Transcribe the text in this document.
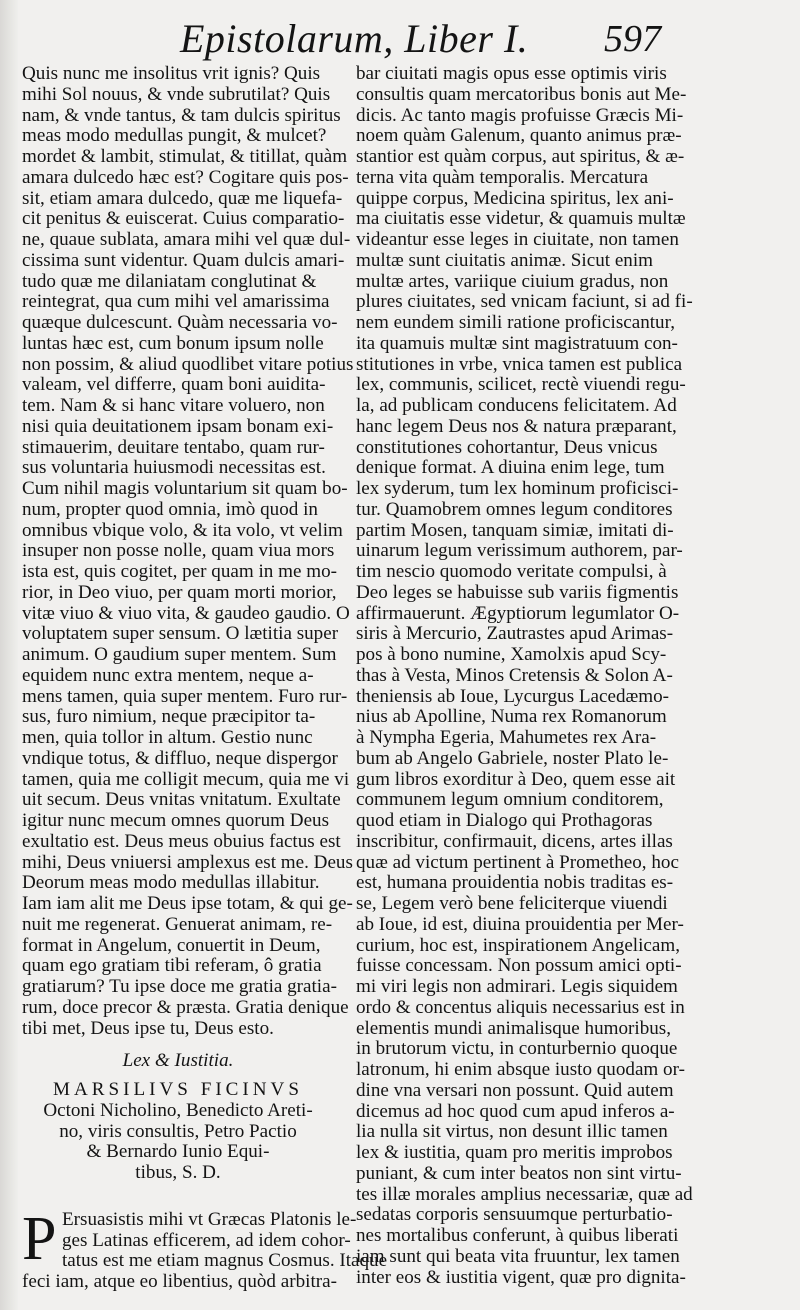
Epistolarum, Liber I. 597
Quis nunc me insolitus vrit ignis? Quis
mihi Sol nouus, & vnde subrutilat? Quis
nam, & vnde tantus, & tam dulcis spiritus
meas modo medullas pungit, & mulcet?
mordet & lambit, stimulat, & titillat, quàm
amara dulcedo hæc est? Cogitare quis pos-
sit, etiam amara dulcedo, quæ me liquefa-
cit penitus & euiscerat. Cuius comparatio-
ne, quaue sublata, amara mihi vel quæ dul-
cissima sunt videntur. Quam dulcis amari-
tudo quæ me dilaniatam conglutinat &
reintegrat, qua cum mihi vel amarissima
quæque dulcescunt. Quàm necessaria vo-
luntas hæc est, cum bonum ipsum nolle
non possim, & aliud quodlibet vitare potius
valeam, vel differre, quam boni auidita-
tem. Nam & si hanc vitare voluero, non
nisi quia deuitationem ipsam bonam exi-
stimauerim, deuitare tentabo, quam rur-
sus voluntaria huiusmodi necessitas est.
Cum nihil magis voluntarium sit quam bo-
num, propter quod omnia, imò quod in
omnibus vbique volo, & ita volo, vt velim
insuper non posse nolle, quam viua mors
ista est, quis cogitet, per quam in me mo-
rior, in Deo viuo, per quam morti morior,
vitæ viuo & viuo vita, & gaudeo gaudio. O
voluptatem super sensum. O lætitia super
animum. O gaudium super mentem. Sum
equidem nunc extra mentem, neque a-
mens tamen, quia super mentem. Furo rur-
sus, furo nimium, neque præcipitor ta-
men, quia tollor in altum. Gestio nunc
vndique totus, & diffluo, neque dispergor
tamen, quia me colligit mecum, quia me vi
uit secum. Deus vnitas vnitatum. Exultate
igitur nunc mecum omnes quorum Deus
exultatio est. Deus meus obuius factus est
mihi, Deus vniuersi amplexus est me. Deus
Deorum meas modo medullas illabitur.
Iam iam alit me Deus ipse totam, & qui ge-
nuit me regenerat. Genuerat animam, re-
format in Angelum, conuertit in Deum,
quam ego gratiam tibi referam, ô gratia
gratiarum? Tu ipse doce me gratia gratia-
rum, doce precor & præsta. Gratia denique
tibi met, Deus ipse tu, Deus esto.
Lex & Iustitia.
MARSILIVS FICINVS
Octoni Nicholino, Benedicto Areti-
no, viris consultis, Petro Pactio
& Bernardo Iunio Equi-
tibus, S. D.
P Ersuasistis mihi vt Græcas Platonis le-
ges Latinas efficerem, ad idem cohor-
tatus est me etiam magnus Cosmus. Itaque
feci iam, atque eo libentius, quòd arbitra-
bar ciuitati magis opus esse optimis viris
consultis quam mercatoribus bonis aut Me-
dicis. Ac tanto magis profuisse Græcis Mi-
noem quàm Galenum, quanto animus præ-
stantior est quàm corpus, aut spiritus, & æ-
terna vita quàm temporalis. Mercatura
quippe corpus, Medicina spiritus, lex ani-
ma ciuitatis esse videtur, & quamuis multæ
videantur esse leges in ciuitate, non tamen
multæ sunt ciuitatis animæ. Sicut enim
multæ artes, variique ciuium gradus, non
plures ciuitates, sed vnicam faciunt, si ad fi-
nem eundem simili ratione proficiscantur,
ita quamuis multæ sint magistratuum con-
stitutiones in vrbe, vnica tamen est publica
lex, communis, scilicet, rectè viuendi regu-
la, ad publicam conducens felicitatem. Ad
hanc legem Deus nos & natura præparant,
constitutiones cohortantur, Deus vnicus
denique format. A diuina enim lege, tum
lex syderum, tum lex hominum proficisci-
tur. Quamobrem omnes legum conditores
partim Mosen, tanquam simiæ, imitati di-
uinarum legum verissimum authorem, par-
tim nescio quomodo veritate compulsi, à
Deo leges se habuisse sub variis figmentis
affirmauerunt. Ægyptiorum legumlator O-
siris à Mercurio, Zautrastes apud Arimas-
pos à bono numine, Xamolxis apud Scy-
thas à Vesta, Minos Cretensis & Solon A-
theniensis ab Ioue, Lycurgus Lacedæmo-
nius ab Apolline, Numa rex Romanorum
à Nympha Egeria, Mahumetes rex Ara-
bum ab Angelo Gabriele, noster Plato le-
gum libros exorditur à Deo, quem esse ait
communem legum omnium conditorem,
quod etiam in Dialogo qui Prothagoras
inscribitur, confirmauit, dicens, artes illas
quæ ad victum pertinent à Prometheo, hoc
est, humana prouidentia nobis traditas es-
se, Legem verò bene feliciterque viuendi
ab Ioue, id est, diuina prouidentia per Mer-
curium, hoc est, inspirationem Angelicam,
fuisse concessam. Non possum amici opti-
mi viri legis non admirari. Legis siquidem
ordo & concentus aliquis necessarius est in
elementis mundi animalisque humoribus,
in brutorum victu, in conturbernio quoque
latronum, hi enim absque iusto quodam or-
dine vna versari non possunt. Quid autem
dicemus ad hoc quod cum apud inferos a-
lia nulla sit virtus, non desunt illic tamen
lex & iustitia, quam pro meritis improbos
puniant, & cum inter beatos non sint virtu-
tes illæ morales amplius necessariæ, quæ ad
sedatas corporis sensuumque perturbatio-
nes mortalibus conferunt, à quibus liberati
iam sunt qui beata vita fruuntur, lex tamen
inter eos & iustitia vigent, quæ pro dignita-
